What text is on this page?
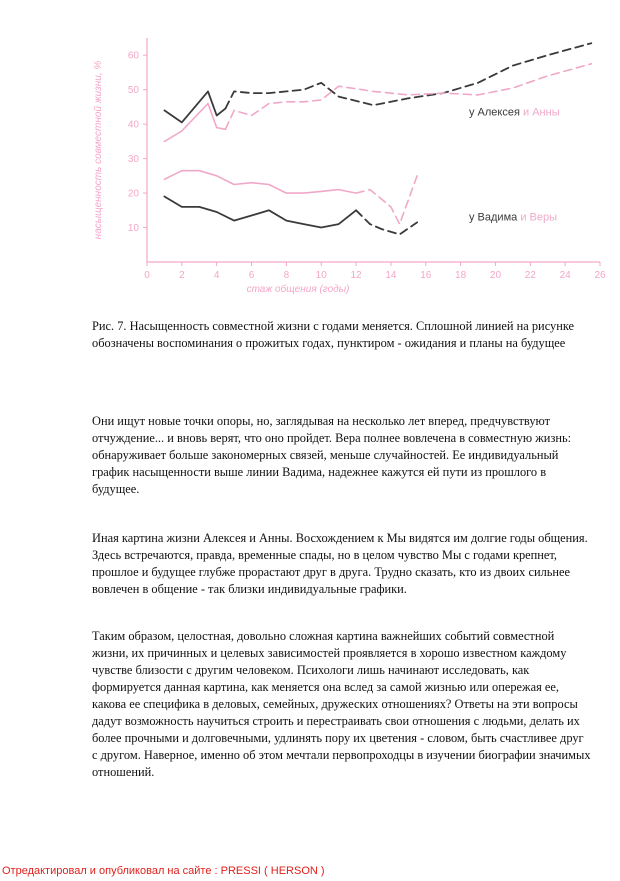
насыщенность совместной жизни, %
стаж общения (годы)
0	2	4	6	8	10 12 14 16 18 20 22 24 26
10
20
30
40
50
60
у Алексея и Анны
у Вадима и Веры

Рис. 7. Насыщенность совместной жизни с годами меняется. Сплошной линией на рисунке обозначены воспоминания о прожитых годах, пунктиром - ожидания и планы на будущее

Они ищут новые точки опоры, но, заглядывая на несколько лет вперед, предчувствуют отчуждение... и вновь верят, что оно пройдет. Вера полнее вовлечена в совместную жизнь: обнаруживает больше закономерных связей, меньше случайностей. Ее индивидуальный график насыщенности выше линии Вадима, надежнее кажутся ей пути из прошлого в будущее.

Иная картина жизни Алексея и Анны. Восхождением к Мы видятся им долгие годы общения. Здесь встречаются, правда, временные спады, но в целом чувство Мы с годами крепнет, прошлое и будущее глубже прорастают друг в друга. Трудно сказать, кто из двоих сильнее вовлечен в общение - так близки индивидуальные графики.

Таким образом, целостная, довольно сложная картина важнейших событий совместной жизни, их причинных и целевых зависимостей проявляется в хорошо известном каждому чувстве близости с другим человеком. Психологи лишь начинают исследовать, как формируется данная картина, как меняется она вслед за самой жизнью или опережая ее, какова ее специфика в деловых, семейных, дружеских отношениях? Ответы на эти вопросы дадут возможность научиться строить и перестраивать свои отношения с людьми, делать их более прочными и долговечными, удлинять пору их цветения - словом, быть счастливее друг с другом. Наверное, именно об этом мечтали первопроходцы в изучении биографии значимых отношений.

Отредактировал и опубликовал на сайте : PRESSI ( HERSON )
